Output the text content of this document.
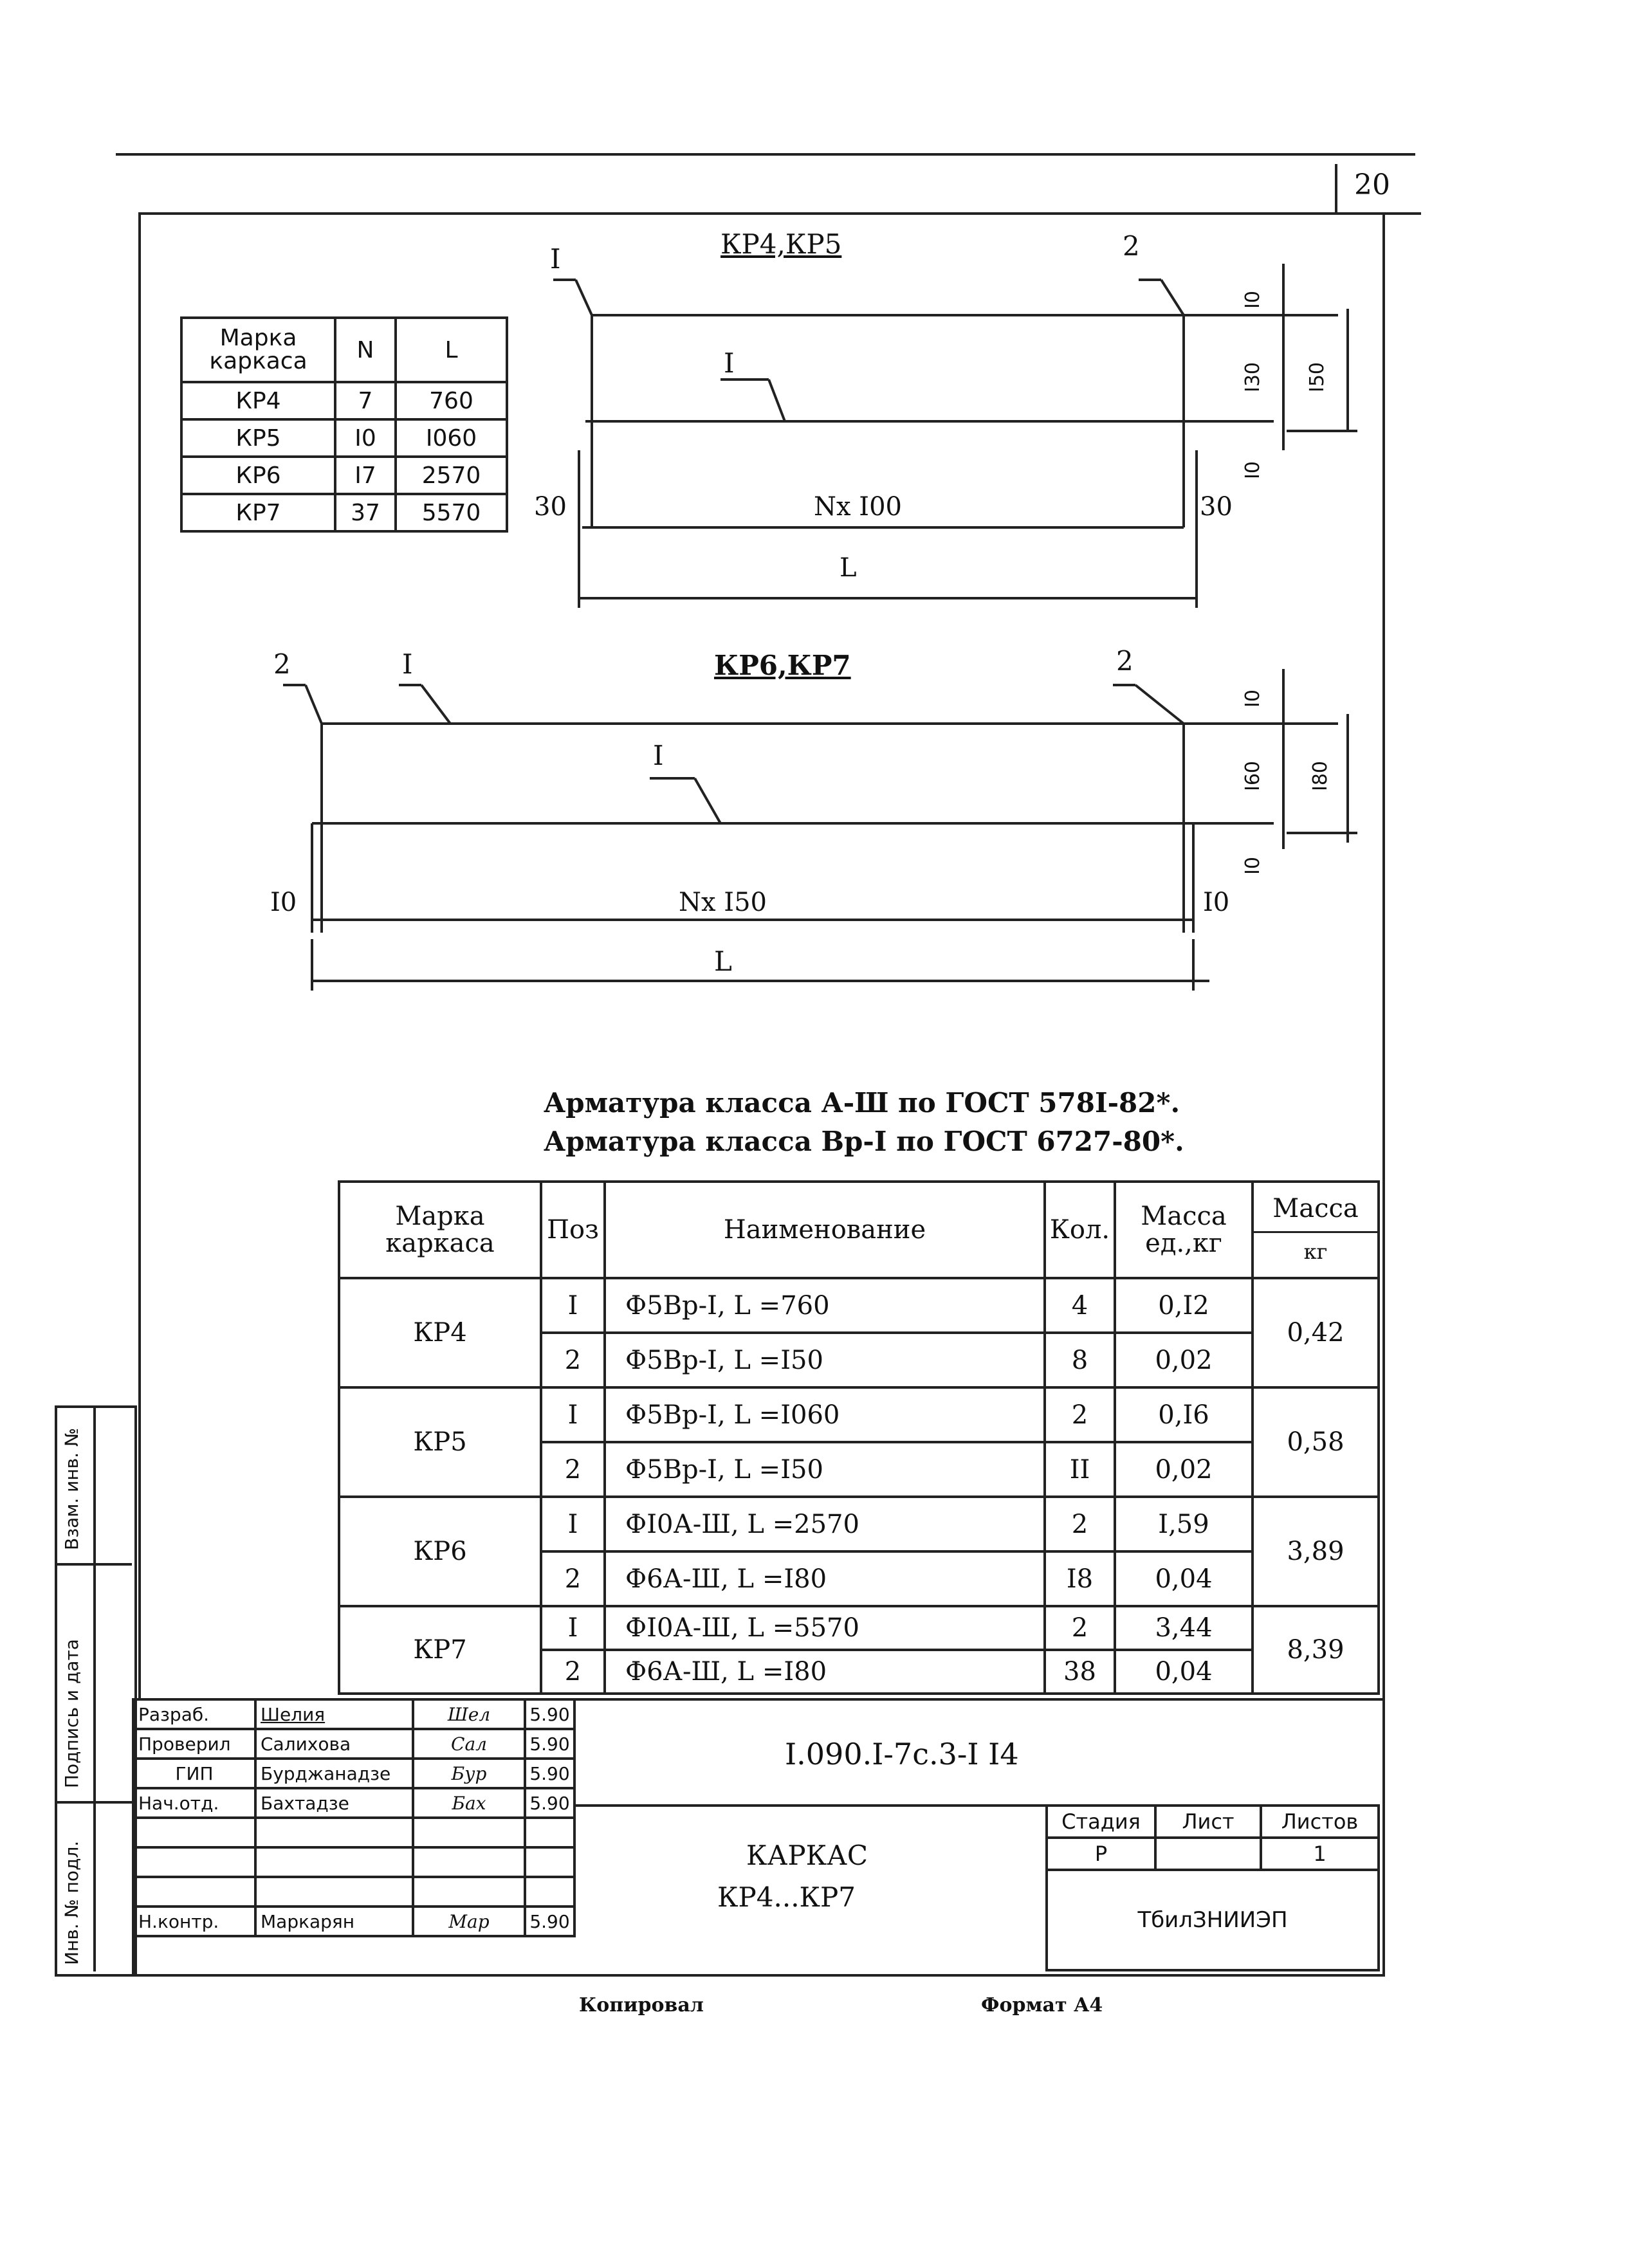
20
Марка каркаса	N	L
КР4	7	760
КР5	I0	I060
КР6	I7	2570
КР7	37	5570
КР4,КР5
I	2
I
30	Nx I00	30
L
I0
I30 I50
I0
КР6,КР7
2	I	2
I
I0	Nx I50	I0
L
I0
I60 I80
I0
Арматура класса А-Ш по ГОСТ 578I-82*.
Арматура класса Вр-I по ГОСТ 6727-80*.
Марка каркаса	Поз	Наименование	Кол.	Масса ед.,кг	Масса
кг

КР4	I	Ф5Вр-I, L =760	4	0,I2	0,42
	2	Ф5Вр-I, L =I50	8	0,02	
КР5	I	Ф5Вр-I, L =I060	2	0,I6	0,58
	2	Ф5Вр-I, L =I50	II	0,02	
КР6	I	ФI0А-Ш, L =2570	2	I,59	3,89
	2	Ф6А-Ш, L =I80	I8	0,04	
КР7	I	ФI0А-Ш, L =5570	2	3,44	8,39
	2	Ф6А-Ш, L =I80	38	0,04	
Разраб.	Шелия	Шел	5.90
Проверил	Салихова	Сал	5.90
ГИП	Бурджанадзе	Бур	5.90
Нач.отд.	Бахтадзе	Бах	5.90

Н.контр.	Маркарян	Мар	5.90
I.090.I-7с.3-I I4
КАРКАС
КР4...КР7
Стадия	Лист	Листов
Р		1
ТбилЗНИИЭП		
Взам. инв. №
Подпись и дата
Инв. № подл.
Копировал	Формат А4
